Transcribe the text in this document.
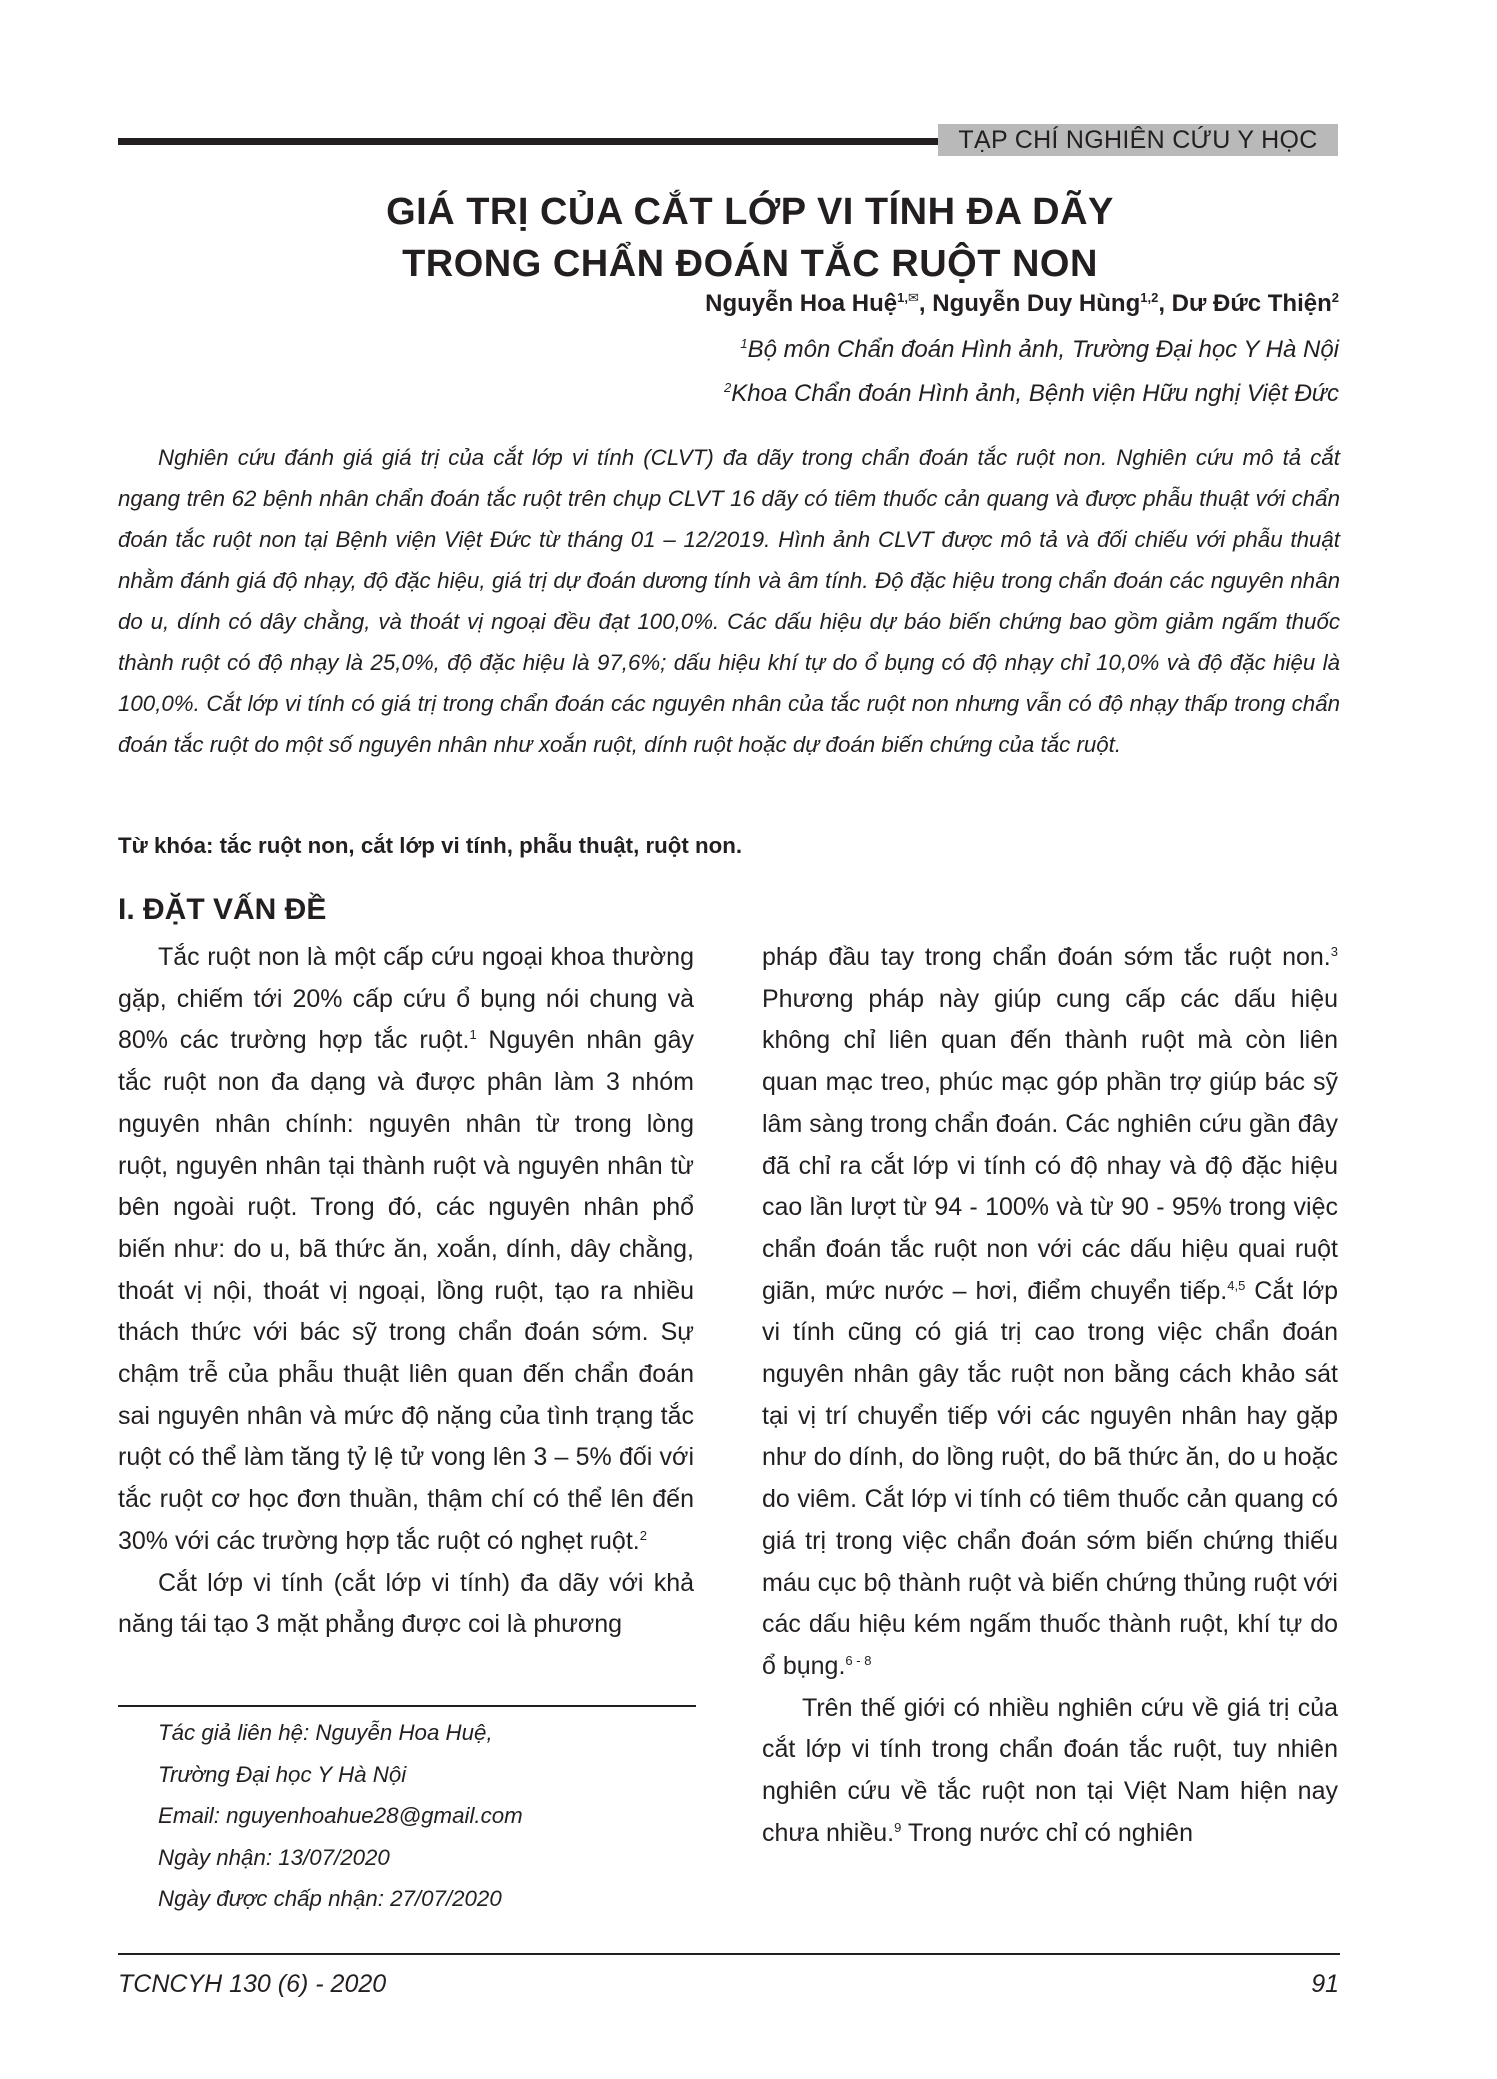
TẠP CHÍ NGHIÊN CỨU Y HỌC
GIÁ TRỊ CỦA CẮT LỚP VI TÍNH ĐA DÃY
TRONG CHẨN ĐOÁN TẮC RUỘT NON
Nguyễn Hoa Huệ$^{1,}$✉, Nguyễn Duy Hùng$^{1,2}$, Dư Đức Thiện$^2$
$^1$Bộ môn Chẩn đoán Hình ảnh, Trường Đại học Y Hà Nội
$^2$Khoa Chẩn đoán Hình ảnh, Bệnh viện Hữu nghị Việt Đức
Nghiên cứu đánh giá giá trị của cắt lớp vi tính (CLVT) đa dãy trong chẩn đoán tắc ruột non. Nghiên cứu mô tả cắt ngang trên 62 bệnh nhân chẩn đoán tắc ruột trên chụp CLVT 16 dãy có tiêm thuốc cản quang và được phẫu thuật với chẩn đoán tắc ruột non tại Bệnh viện Việt Đức từ tháng 01 – 12/2019. Hình ảnh CLVT được mô tả và đối chiếu với phẫu thuật nhằm đánh giá độ nhạy, độ đặc hiệu, giá trị dự đoán dương tính và âm tính. Độ đặc hiệu trong chẩn đoán các nguyên nhân do u, dính có dây chằng, và thoát vị ngoại đều đạt 100,0%. Các dấu hiệu dự báo biến chứng bao gồm giảm ngấm thuốc thành ruột có độ nhạy là 25,0%, độ đặc hiệu là 97,6%; dấu hiệu khí tự do ổ bụng có độ nhạy chỉ 10,0% và độ đặc hiệu là 100,0%. Cắt lớp vi tính có giá trị trong chẩn đoán các nguyên nhân của tắc ruột non nhưng vẫn có độ nhạy thấp trong chẩn đoán tắc ruột do một số nguyên nhân như xoắn ruột, dính ruột hoặc dự đoán biến chứng của tắc ruột.
Từ khóa: tắc ruột non, cắt lớp vi tính, phẫu thuật, ruột non.
I. ĐẶT VẤN ĐỀ

Tắc ruột non là một cấp cứu ngoại khoa thường gặp, chiếm tới 20% cấp cứu ổ bụng nói chung và 80% các trường hợp tắc ruột.$^1$ Nguyên nhân gây tắc ruột non đa dạng và được phân làm 3 nhóm nguyên nhân chính: nguyên nhân từ trong lòng ruột, nguyên nhân tại thành ruột và nguyên nhân từ bên ngoài ruột. Trong đó, các nguyên nhân phổ biến như: do u, bã thức ăn, xoắn, dính, dây chằng, thoát vị nội, thoát vị ngoại, lồng ruột, tạo ra nhiều thách thức với bác sỹ trong chẩn đoán sớm. Sự chậm trễ của phẫu thuật liên quan đến chẩn đoán sai nguyên nhân và mức độ nặng của tình trạng tắc ruột có thể làm tăng tỷ lệ tử vong lên 3 – 5% đối với tắc ruột cơ học đơn thuần, thậm chí có thể lên đến 30% với các trường hợp tắc ruột có nghẹt ruột.$^2$

Cắt lớp vi tính (cắt lớp vi tính) đa dãy với khả năng tái tạo 3 mặt phẳng được coi là phương

pháp đầu tay trong chẩn đoán sớm tắc ruột non.$^3$ Phương pháp này giúp cung cấp các dấu hiệu không chỉ liên quan đến thành ruột mà còn liên quan mạc treo, phúc mạc góp phần trợ giúp bác sỹ lâm sàng trong chẩn đoán. Các nghiên cứu gần đây đã chỉ ra cắt lớp vi tính có độ nhay và độ đặc hiệu cao lần lượt từ 94 - 100% và từ 90 - 95% trong việc chẩn đoán tắc ruột non với các dấu hiệu quai ruột giãn, mức nước – hơi, điểm chuyển tiếp.$^{4,5}$ Cắt lớp vi tính cũng có giá trị cao trong việc chẩn đoán nguyên nhân gây tắc ruột non bằng cách khảo sát tại vị trí chuyển tiếp với các nguyên nhân hay gặp như do dính, do lồng ruột, do bã thức ăn, do u hoặc do viêm. Cắt lớp vi tính có tiêm thuốc cản quang có giá trị trong việc chẩn đoán sớm biến chứng thiếu máu cục bộ thành ruột và biến chứng thủng ruột với các dấu hiệu kém ngấm thuốc thành ruột, khí tự do ổ bụng.$^{6 - 8}$

Trên thế giới có nhiều nghiên cứu về giá trị của cắt lớp vi tính trong chẩn đoán tắc ruột, tuy nhiên nghiên cứu về tắc ruột non tại Việt Nam hiện nay chưa nhiều.$^9$ Trong nước chỉ có nghiên

Tác giả liên hệ: Nguyễn Hoa Huệ,
Trường Đại học Y Hà Nội
Email: nguyenhoahue28@gmail.com
Ngày nhận: 13/07/2020
Ngày được chấp nhận: 27/07/2020
TCNCYH 130 (6) - 2020	91
